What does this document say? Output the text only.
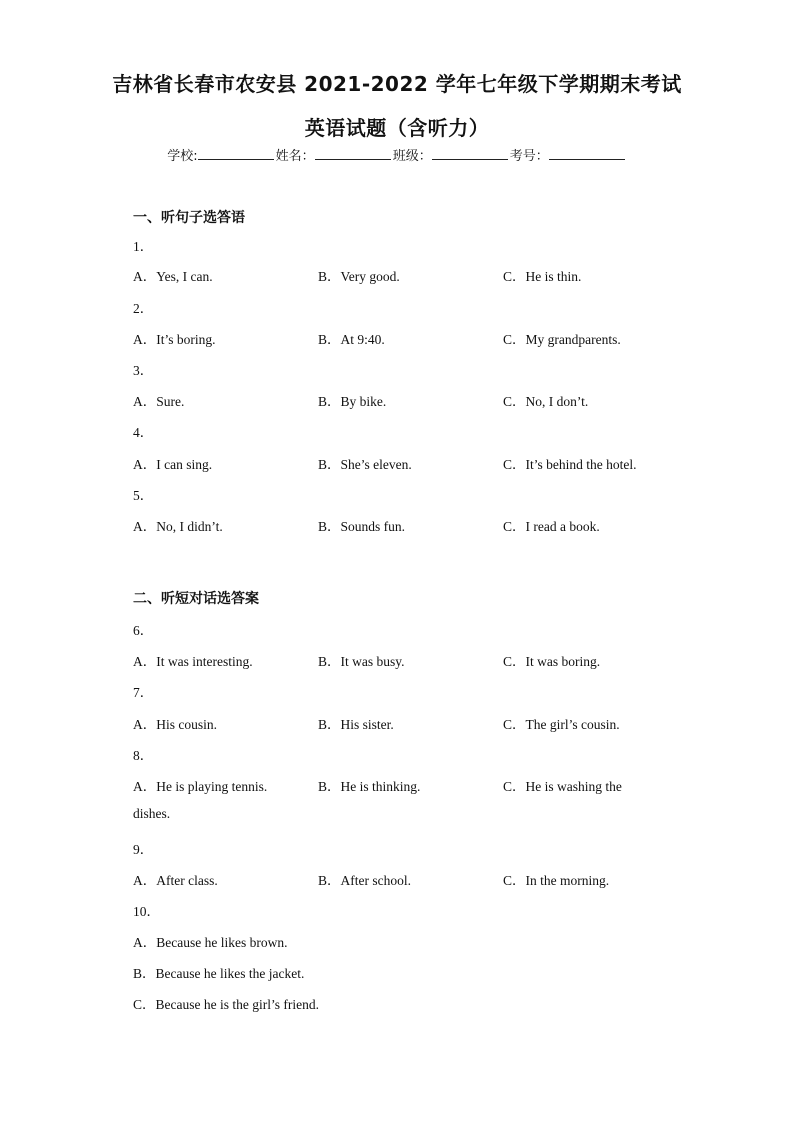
吉林省长春市农安县 2021-2022 学年七年级下学期期末考试
英语试题（含听力）
学校:	姓名：	班级：	考号：
一、听句子选答语
1．
A．Yes, I can.	B．Very good.	C．He is thin.
2．
A．It’s boring.	B．At 9:40.	C．My grandparents.
3．
A．Sure.	B．By bike.	C．No, I don’t.
4．
A．I can sing.	B．She’s eleven.	C．It’s behind the hotel.
5．
A．No, I didn’t.	B．Sounds fun.	C．I read a book.
二、听短对话选答案
6．
A．It was interesting.	B．It was busy.	C．It was boring.
7．
A．His cousin.	B．His sister.	C．The girl’s cousin.
8．
A．He is playing tennis.	B．He is thinking.	C．He is washing the
dishes.
9．
A．After class.	B．After school.	C．In the morning.
10．
A．Because he likes brown.
B．Because he likes the jacket.
C．Because he is the girl’s friend.
